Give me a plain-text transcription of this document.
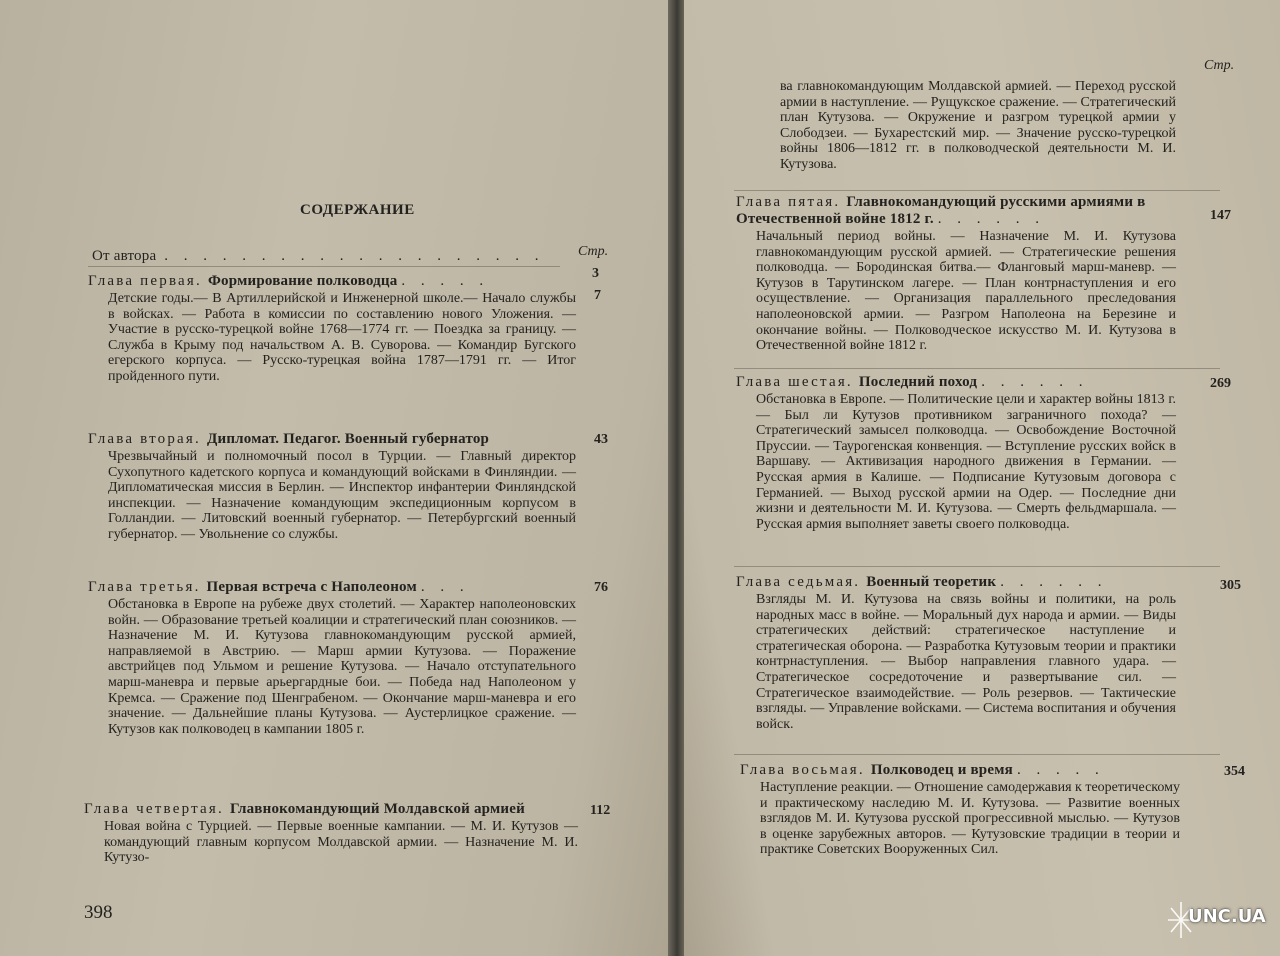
СОДЕРЖАНИЕ
Стр.
От автора . . . . . . . . . . . . . . . . . . . .
3
Глава первая. Формирование полководца . . . . .
Детские годы.— В Артиллерийской и Инженерной школе.— Начало службы в войсках. — Работа в комиссии по составлению нового Уложения. — Участие в русско-турецкой войне 1768—1774 гг. — Поездка за границу. — Служба в Крыму под начальством А. В. Суворова. — Командир Бугского егерского корпуса. — Русско-турецкая война 1787—1791 гг. — Итог пройденного пути.
7
Глава вторая. Дипломат. Педагог. Военный губернатор
Чрезвычайный и полномочный посол в Турции. — Главный директор Сухопутного кадетского корпуса и командующий войсками в Финляндии. — Дипломатическая миссия в Берлин. — Инспектор инфантерии Финляндской инспекции. — Назначение командующим экспедиционным корпусом в Голландии. — Литовский военный губернатор. — Петербургский военный губернатор. — Увольнение со службы.
43
Глава третья. Первая встреча с Наполеоном . . .
Обстановка в Европе на рубеже двух столетий. — Характер наполеоновских войн. — Образование третьей коалиции и стратегический план союзников. — Назначение М. И. Кутузова главнокомандующим русской армией, направляемой в Австрию. — Марш армии Кутузова. — Поражение австрийцев под Ульмом и решение Кутузова. — Начало отступательного марш-маневра и первые арьергардные бои. — Победа над Наполеоном у Кремса. — Сражение под Шенграбеном. — Окончание марш-маневра и его значение. — Дальнейшие планы Кутузова. — Аустерлицкое сражение. — Кутузов как полководец в кампании 1805 г.
76
Глава четвертая. Главнокомандующий Молдавской армией
Новая война с Турцией. — Первые военные кампании. — М. И. Кутузов — командующий главным корпусом Молдавской армии. — Назначение М. И. Кутузо-
112
398
Стр.
ва главнокомандующим Молдавской армией. — Переход русской армии в наступление. — Рущукское сражение. — Стратегический план Кутузова. — Окружение и разгром турецкой армии у Слободзеи. — Бухарестский мир. — Значение русско-турецкой войны 1806—1812 гг. в полководческой деятельности М. И. Кутузова.
Глава пятая. Главнокомандующий русскими армиями в Отечественной войне 1812 г. . . . . . .
Начальный период войны. — Назначение М. И. Кутузова главнокомандующим русской армией. — Стратегические решения полководца. — Бородинская битва.— Фланговый марш-маневр. — Кутузов в Тарутинском лагере. — План контрнаступления и его осуществление. — Организация параллельного преследования наполеоновской армии. — Разгром Наполеона на Березине и окончание войны. — Полководческое искусство М. И. Кутузова в Отечественной войне 1812 г.
147
Глава шестая. Последний поход . . . . . .
Обстановка в Европе. — Политические цели и характер войны 1813 г. — Был ли Кутузов противником заграничного похода? — Стратегический замысел полководца. — Освобождение Восточной Пруссии. — Таурогенская конвенция. — Вступление русских войск в Варшаву. — Активизация народного движения в Германии. — Русская армия в Калише. — Подписание Кутузовым договора с Германией. — Выход русской армии на Одер. — Последние дни жизни и деятельности М. И. Кутузова. — Смерть фельдмаршала. — Русская армия выполняет заветы своего полководца.
269
Глава седьмая. Военный теоретик . . . . . .
Взгляды М. И. Кутузова на связь войны и политики, на роль народных масс в войне. — Моральный дух народа и армии. — Виды стратегических действий: стратегическое наступление и стратегическая оборона. — Разработка Кутузовым теории и практики контрнаступления. — Выбор направления главного удара. — Стратегическое сосредоточение и развертывание сил. — Стратегическое взаимодействие. — Роль резервов. — Тактические взгляды. — Управление войсками. — Система воспитания и обучения войск.
305
Глава восьмая. Полководец и время . . . . .
Наступление реакции. — Отношение самодержавия к теоретическому и практическому наследию М. И. Кутузова. — Развитие военных взглядов М. И. Кутузова русской прогрессивной мыслью. — Кутузов в оценке зарубежных авторов. — Кутузовские традиции в теории и практике Советских Вооруженных Сил.
354
UNC.UA
